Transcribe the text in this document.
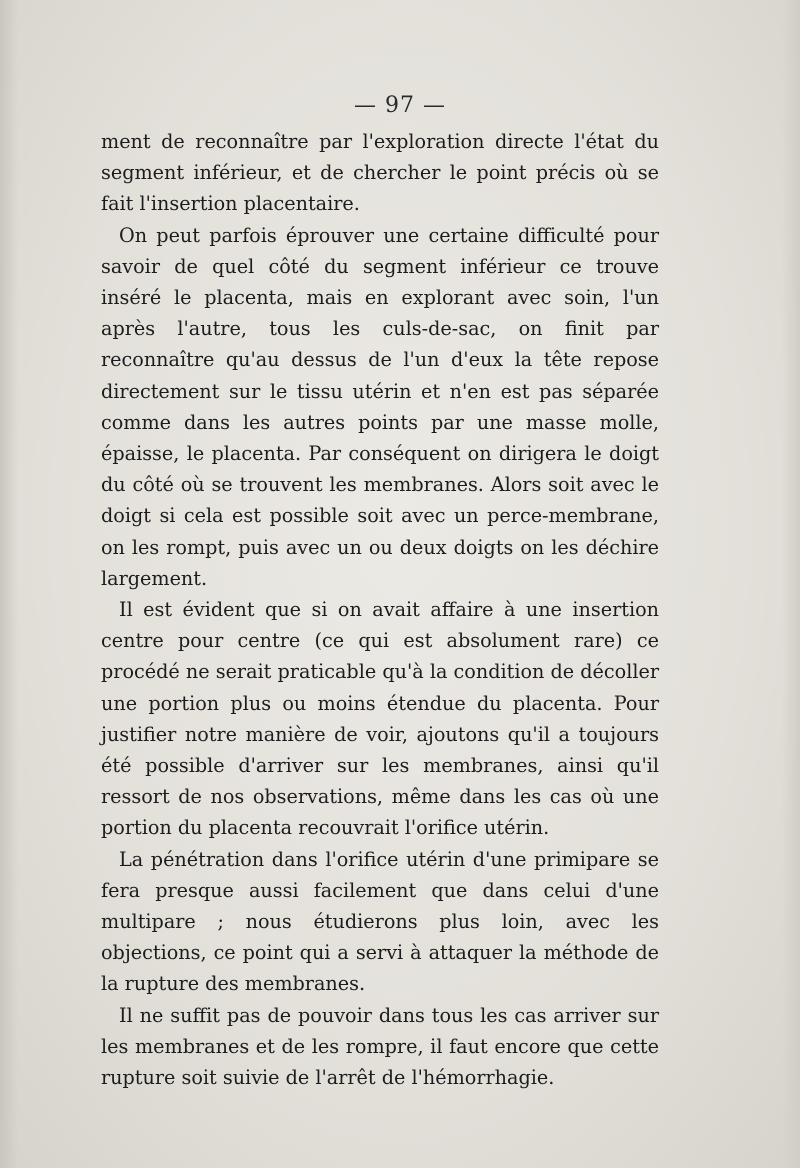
— 97 —

ment de reconnaître par l'exploration directe l'état du segment inférieur, et de chercher le point précis où se fait l'insertion placentaire.

On peut parfois éprouver une certaine difficulté pour savoir de quel côté du segment inférieur ce trouve inséré le placenta, mais en explorant avec soin, l'un après l'autre, tous les culs-de-sac, on finit par reconnaître qu'au dessus de l'un d'eux la tête repose directement sur le tissu utérin et n'en est pas séparée comme dans les autres points par une masse molle, épaisse, le placenta. Par conséquent on dirigera le doigt du côté où se trouvent les membranes. Alors soit avec le doigt si cela est possible soit avec un perce-membrane, on les rompt, puis avec un ou deux doigts on les déchire largement.

Il est évident que si on avait affaire à une insertion centre pour centre (ce qui est absolument rare) ce procédé ne serait praticable qu'à la condition de décoller une portion plus ou moins étendue du placenta. Pour justifier notre manière de voir, ajoutons qu'il a toujours été possible d'arriver sur les membranes, ainsi qu'il ressort de nos observations, même dans les cas où une portion du placenta recouvrait l'orifice utérin.

La pénétration dans l'orifice utérin d'une primipare se fera presque aussi facilement que dans celui d'une multipare ; nous étudierons plus loin, avec les objections, ce point qui a servi à attaquer la méthode de la rupture des membranes.

Il ne suffit pas de pouvoir dans tous les cas arriver sur les membranes et de les rompre, il faut encore que cette rupture soit suivie de l'arrêt de l'hémorrhagie.
